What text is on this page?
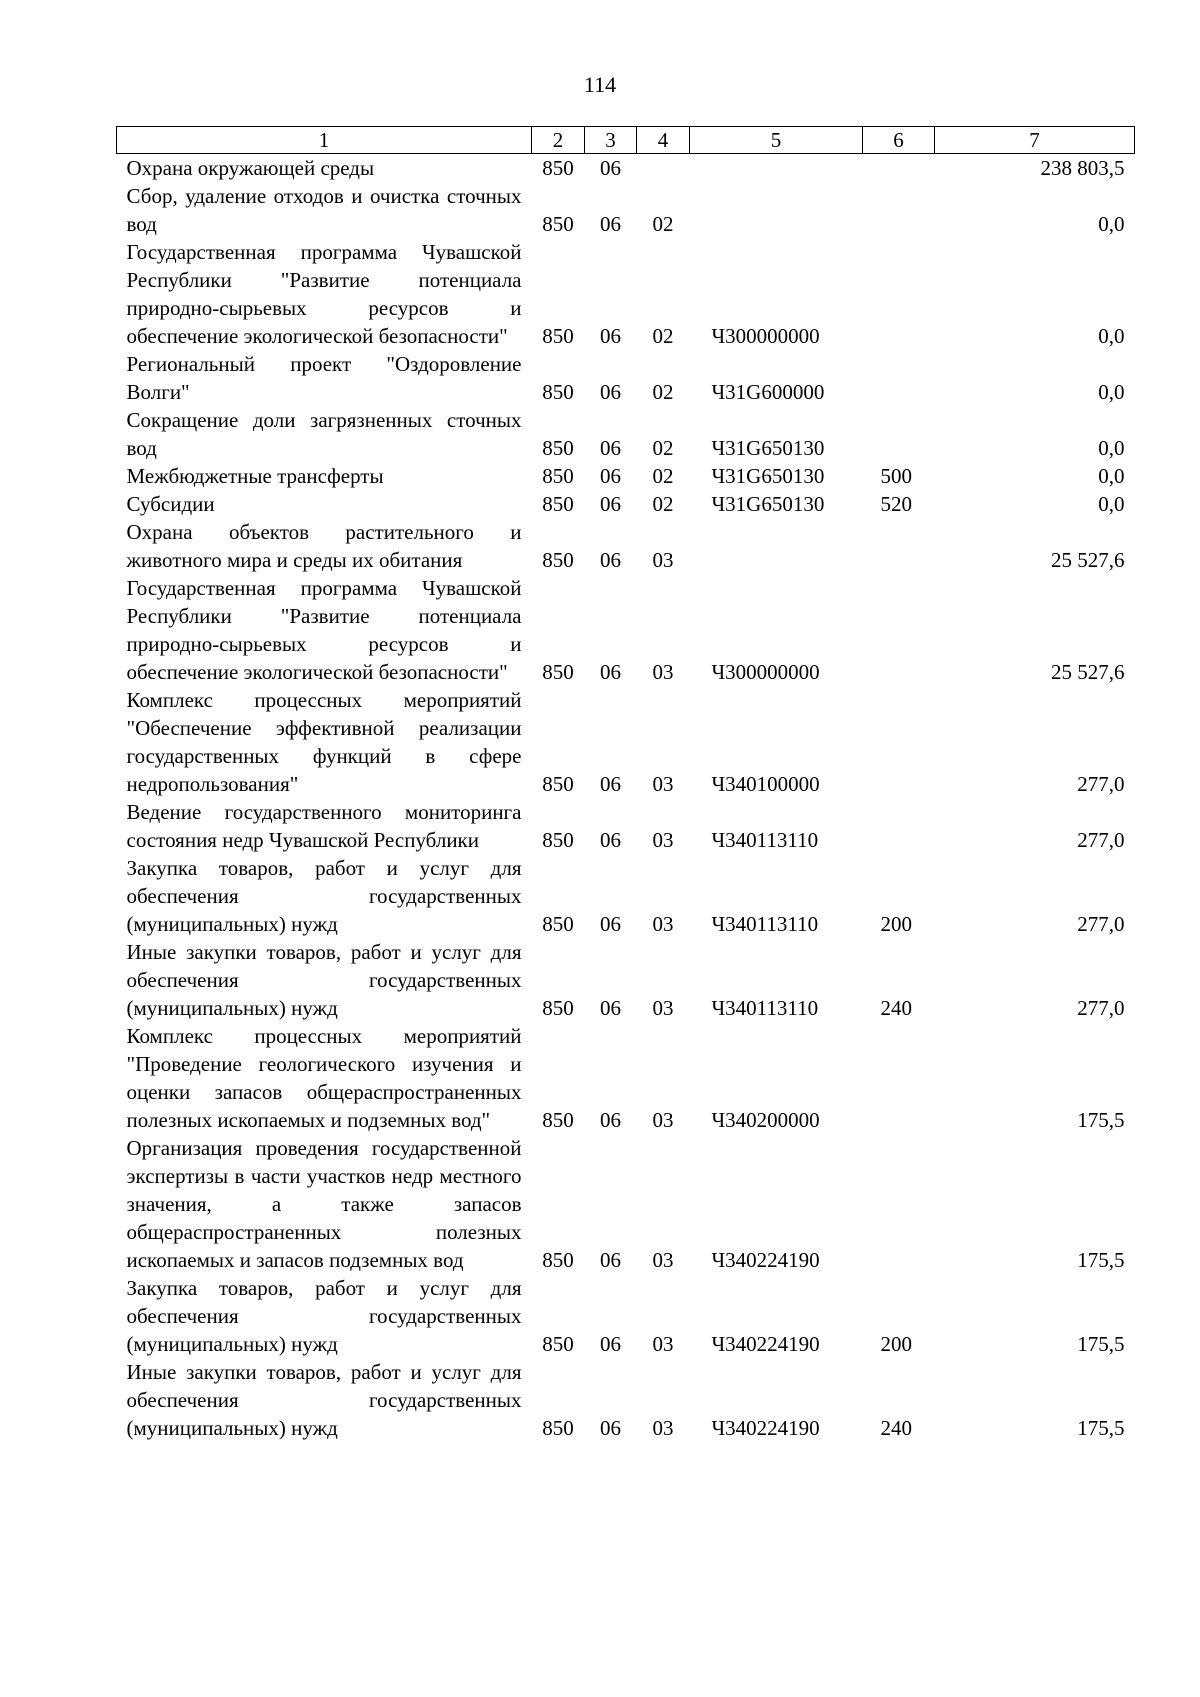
114
1	2	3	4	5	6	7
Охрана окружающей среды	850	06				238 803,5
Сбор, удаление отходов и очистка сточных вод	850	06	02			0,0
Государственная программа Чувашской Республики "Развитие потенциала природно-сырьевых ресурсов и обеспечение экологической безопасности"	850	06	02	Ч300000000		0,0
Региональный проект "Оздоровление Волги"	850	06	02	Ч31G600000		0,0
Сокращение доли загрязненных сточных вод	850	06	02	Ч31G650130		0,0
Межбюджетные трансферты	850	06	02	Ч31G650130	500	0,0
Субсидии	850	06	02	Ч31G650130	520	0,0
Охрана объектов растительного и животного мира и среды их обитания	850	06	03			25 527,6
Государственная программа Чувашской Республики "Развитие потенциала природно-сырьевых ресурсов и обеспечение экологической безопасности"	850	06	03	Ч300000000		25 527,6
Комплекс процессных мероприятий "Обеспечение эффективной реализации государственных функций в сфере недропользования"	850	06	03	Ч340100000		277,0
Ведение государственного мониторинга состояния недр Чувашской Республики	850	06	03	Ч340113110		277,0
Закупка товаров, работ и услуг для обеспечения государственных (муниципальных) нужд	850	06	03	Ч340113110	200	277,0
Иные закупки товаров, работ и услуг для обеспечения государственных (муниципальных) нужд	850	06	03	Ч340113110	240	277,0
Комплекс процессных мероприятий "Проведение геологического изучения и оценки запасов общераспространенных полезных ископаемых и подземных вод"	850	06	03	Ч340200000		175,5
Организация проведения государственной экспертизы в части участков недр местного значения, а также запасов общераспространенных полезных ископаемых и запасов подземных вод	850	06	03	Ч340224190		175,5
Закупка товаров, работ и услуг для обеспечения государственных (муниципальных) нужд	850	06	03	Ч340224190	200	175,5
Иные закупки товаров, работ и услуг для обеспечения государственных (муниципальных) нужд	850	06	03	Ч340224190	240	175,5
